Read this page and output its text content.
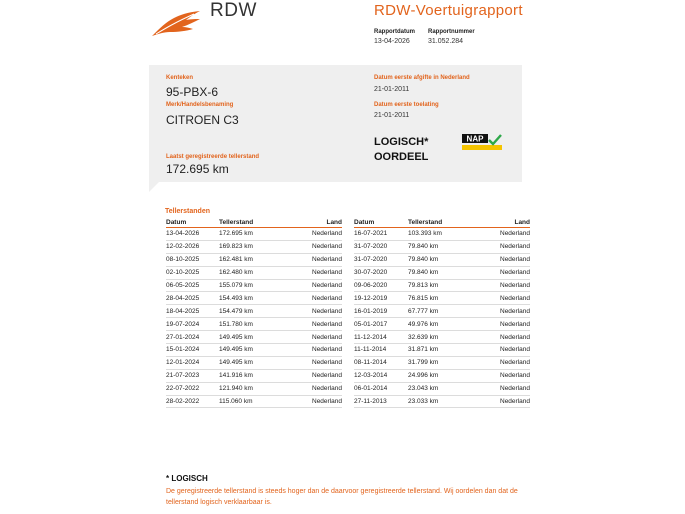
RDW	RDW-Voertuigrapport
Rapportdatum
13-04-2026
Rapportnummer
31.052.284
Kenteken
95-PBX-6
Merk/Handelsbenaming
CITROEN C3
Laatst geregistreerde tellerstand
172.695 km
Datum eerste afgifte in Nederland
21-01-2011
Datum eerste toelating
21-01-2011
LOGISCH* OORDEEL
NAP
Tellerstanden
Datum	Tellerstand	Land
13-04-2026	172.695 km	Nederland
12-02-2026	169.823 km	Nederland
08-10-2025	162.481 km	Nederland
02-10-2025	162.480 km	Nederland
06-05-2025	155.079 km	Nederland
28-04-2025	154.493 km	Nederland
18-04-2025	154.479 km	Nederland
19-07-2024	151.780 km	Nederland
27-01-2024	149.495 km	Nederland
15-01-2024	149.495 km	Nederland
12-01-2024	149.495 km	Nederland
21-07-2023	141.916 km	Nederland
22-07-2022	121.940 km	Nederland
28-02-2022	115.060 km	Nederland
Datum	Tellerstand	Land
16-07-2021	103.393 km	Nederland
31-07-2020	79.840 km	Nederland
31-07-2020	79.840 km	Nederland
30-07-2020	79.840 km	Nederland
09-06-2020	79.813 km	Nederland
19-12-2019	76.815 km	Nederland
16-01-2019	67.777 km	Nederland
05-01-2017	49.976 km	Nederland
11-12-2014	32.639 km	Nederland
11-11-2014	31.871 km	Nederland
08-11-2014	31.799 km	Nederland
12-03-2014	24.996 km	Nederland
06-01-2014	23.043 km	Nederland
27-11-2013	23.033 km	Nederland
* LOGISCH
De geregistreerde tellerstand is steeds hoger dan de daarvoor geregistreerde tellerstand. Wij oordelen dan dat de tellerstand logisch verklaarbaar is.
